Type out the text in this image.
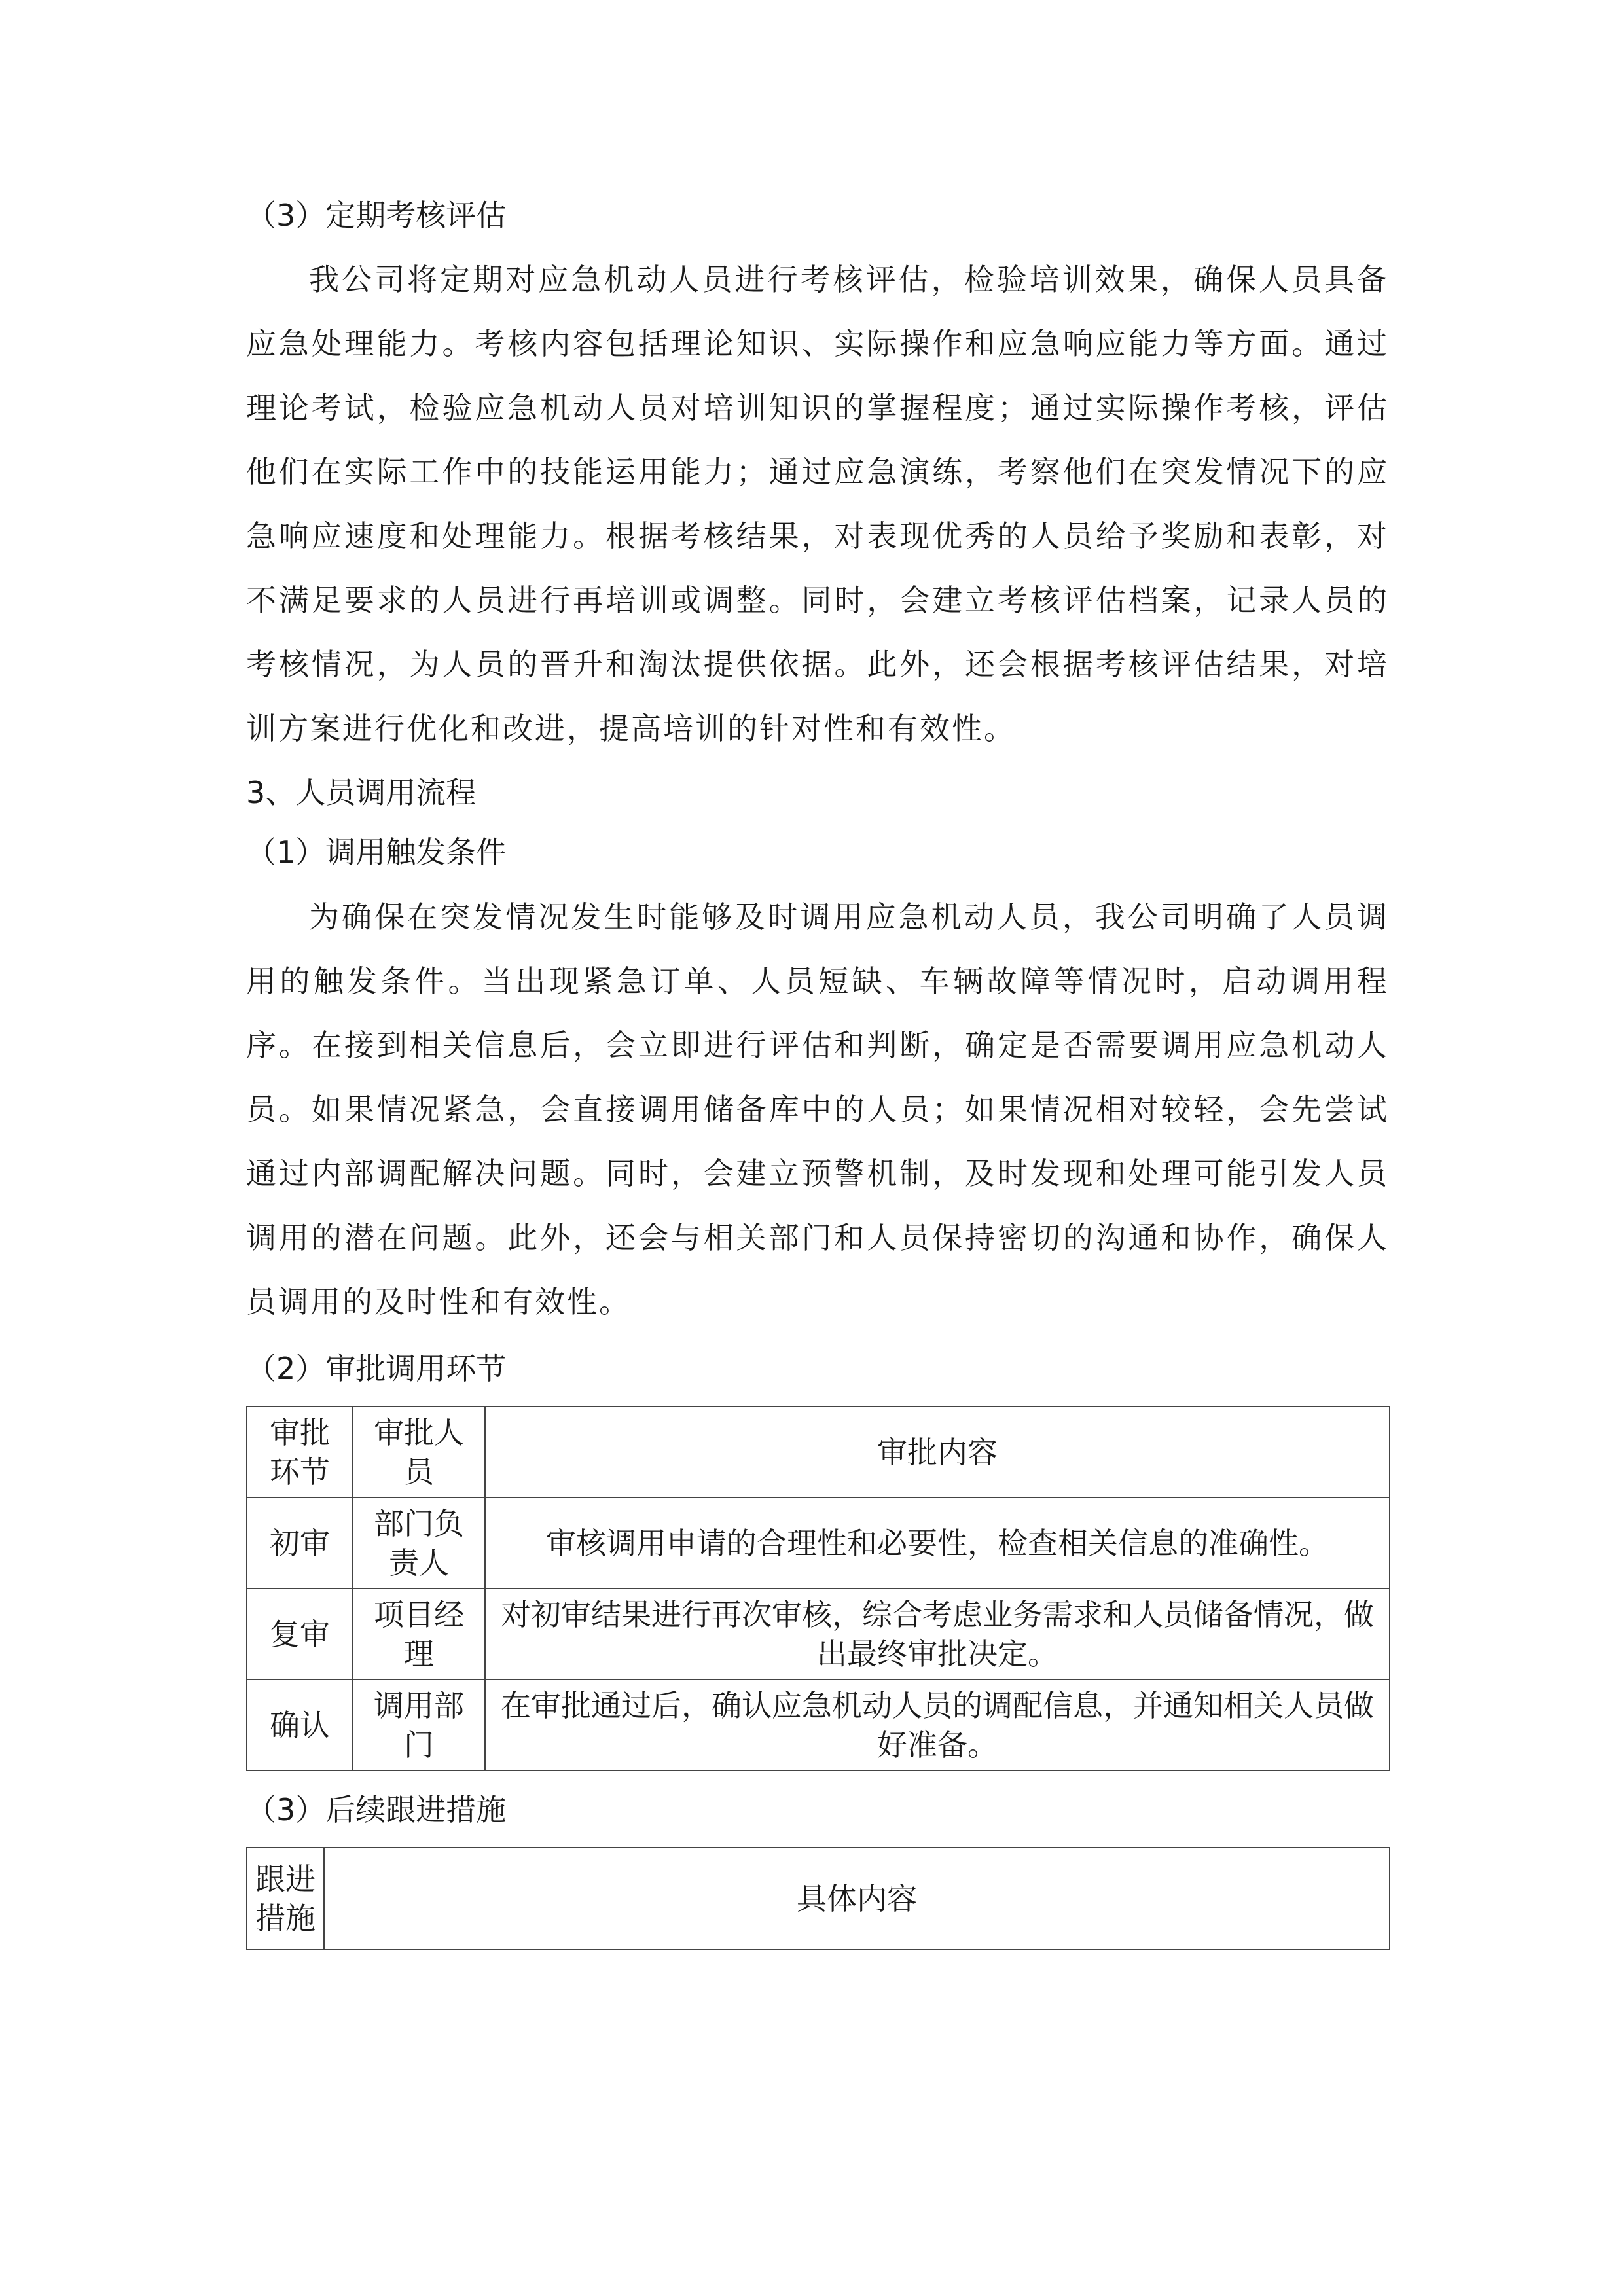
（3）定期考核评估

我公司将定期对应急机动人员进行考核评估，检验培训效果，确保人员具备应急处理能力。考核内容包括理论知识、实际操作和应急响应能力等方面。通过理论考试，检验应急机动人员对培训知识的掌握程度；通过实际操作考核，评估他们在实际工作中的技能运用能力；通过应急演练，考察他们在突发情况下的应急响应速度和处理能力。根据考核结果，对表现优秀的人员给予奖励和表彰，对不满足要求的人员进行再培训或调整。同时，会建立考核评估档案，记录人员的考核情况，为人员的晋升和淘汰提供依据。此外，还会根据考核评估结果，对培训方案进行优化和改进，提高培训的针对性和有效性。

3、人员调用流程

（1）调用触发条件

为确保在突发情况发生时能够及时调用应急机动人员，我公司明确了人员调用的触发条件。当出现紧急订单、人员短缺、车辆故障等情况时，启动调用程序。在接到相关信息后，会立即进行评估和判断，确定是否需要调用应急机动人员。如果情况紧急，会直接调用储备库中的人员；如果情况相对较轻，会先尝试通过内部调配解决问题。同时，会建立预警机制，及时发现和处理可能引发人员调用的潜在问题。此外，还会与相关部门和人员保持密切的沟通和协作，确保人员调用的及时性和有效性。

（2）审批调用环节

审批环节	审批人员	审批内容
初审	部门负责人	审核调用申请的合理性和必要性，检查相关信息的准确性。
复审	项目经理	对初审结果进行再次审核，综合考虑业务需求和人员储备情况，做出最终审批决定。
确认	调用部门	在审批通过后，确认应急机动人员的调配信息，并通知相关人员做好准备。

（3）后续跟进措施

跟进措施	具体内容
